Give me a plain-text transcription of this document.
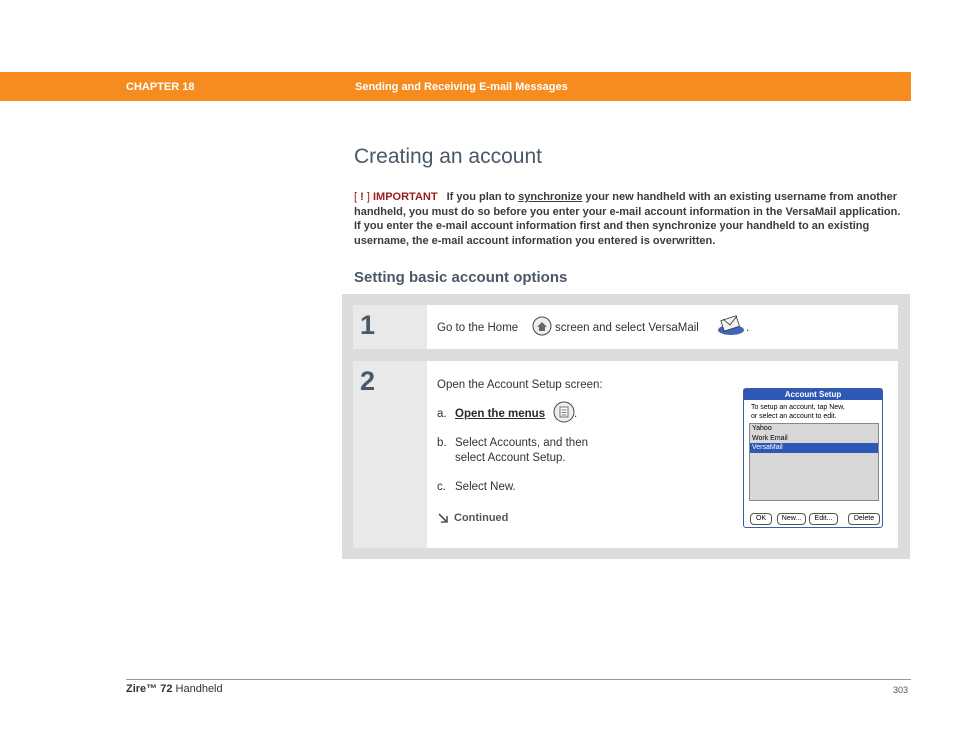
CHAPTER 18	Sending and Receiving E-mail Messages
Creating an account
[ ! ] IMPORTANT If you plan to synchronize your new handheld with an existing username from another handheld, you must do so before you enter your e-mail account information in the VersaMail application. If you enter the e-mail account information first and then synchronize your handheld to an existing username, the e-mail account information you entered is overwritten.
Setting basic account options
1	Go to the Home	screen and select VersaMail	.
2	Open the Account Setup screen:
a. Open the menus	.
b. Select Accounts, and then
select Account Setup.
c. Select New.
Continued
Account Setup
To setup an account, tap New,
or select an account to edit.
Yahoo
Work Email
VersaMail
OK	New...	Edit...	Delete
Zire™ 72 Handheld	303
